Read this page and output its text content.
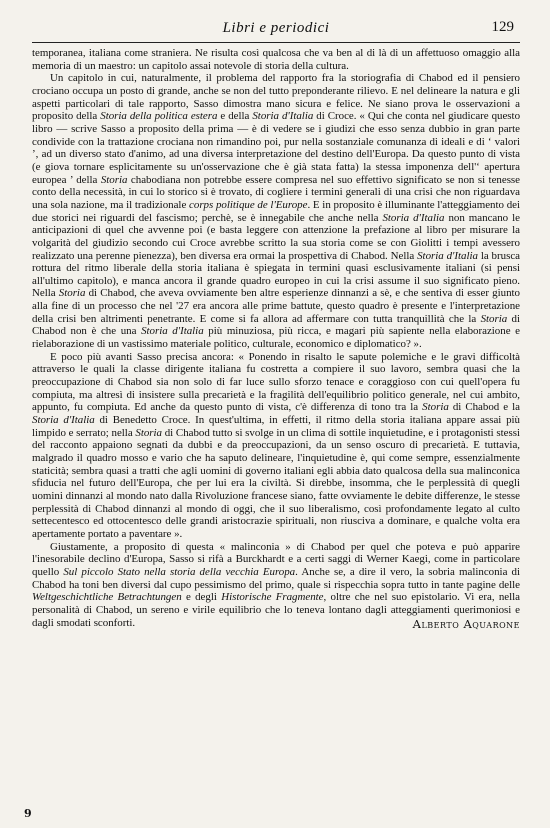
Libri e periodici	129

temporanea, italiana come straniera. Ne risulta così qualcosa che va ben al di là di un affettuoso omaggio alla memoria di un maestro: un capitolo assai notevole di storia della cultura.

Un capitolo in cui, naturalmente, il problema del rapporto fra la storiografia di Chabod ed il pensiero crociano occupa un posto di grande, anche se non del tutto preponderante rilievo. E nel delineare la natura e gli aspetti particolari di tale rapporto, Sasso dimostra mano sicura e felice. Ne siano prova le osservazioni a proposito della Storia della politica estera e della Storia d'Italia di Croce. « Qui che conta nel giudicare questo libro — scrive Sasso a proposito della prima — è di vedere se i giudizi che esso senza dubbio in gran parte condivide con la trattazione crociana non rimandino poi, pur nella sostanziale comunanza di ideali e di ‘ valori ’, ad un diverso stato d'animo, ad una diversa interpretazione del destino dell'Europa. Da questo punto di vista (e giova tornare esplicitamente su un'osservazione che è già stata fatta) la stessa imponenza dell'‘ apertura europea ’ della Storia chabodiana non potrebbe essere compresa nel suo effettivo significato se non si tenesse conto della necessità, in cui lo storico si è trovato, di cogliere i termini generali di una crisi che non riguardava una sola nazione, ma il tradizionale corps politique de l'Europe. E in proposito è illuminante l'atteggiamento dei due storici nei riguardi del fascismo; perchè, se è innegabile che anche nella Storia d'Italia non mancano le anticipazioni di quel che avvenne poi (e basta leggere con attenzione la prefazione al libro per misurare la volgarità del giudizio secondo cui Croce avrebbe scritto la sua storia come se con Giolitti i tempi avessero realizzato una perenne pienezza), ben diversa era ormai la prospettiva di Chabod. Nella Storia d'Italia la brusca rottura del ritmo liberale della storia italiana è spiegata in termini quasi esclusivamente italiani (si pensi all'ultimo capitolo), e manca ancora il grande quadro europeo in cui la crisi assume il suo significato pieno. Nella Storia di Chabod, che aveva ovviamente ben altre esperienze dinnanzi a sè, e che sentiva di esser giunto alla fine di un processo che nel '27 era ancora alle prime battute, questo quadro è presente e l'interpretazione della crisi ben altrimenti penetrante. E come si fa allora ad affermare con tutta tranquillità che la Storia di Chabod non è che una Storia d'Italia più minuziosa, più ricca, e magari più sapiente nella elaborazione e rielaborazione di un vastissimo materiale politico, culturale, economico e diplomatico? ».

E poco più avanti Sasso precisa ancora: « Ponendo in risalto le sapute polemiche e le gravi difficoltà attraverso le quali la classe dirigente italiana fu costretta a compiere il suo lavoro, sembra quasi che la preoccupazione di Chabod sia non solo di far luce sullo sforzo tenace e coraggioso con cui quell'opera fu compiuta, ma altresì di insistere sulla precarietà e la fragilità dell'equilibrio politico generale, nel cui ambito, appunto, fu compiuta. Ed anche da questo punto di vista, c'è differenza di tono tra la Storia di Chabod e la Storia d'Italia di Benedetto Croce. In quest'ultima, in effetti, il ritmo della storia italiana appare assai più limpido e serrato; nella Storia di Chabod tutto si svolge in un clima di sottile inquietudine, e i protagonisti stessi del racconto appaiono segnati da dubbi e da preoccupazioni, da un senso oscuro di precarietà. E tuttavia, malgrado il quadro mosso e vario che ha saputo delineare, l'inquietudine è, qui come sempre, essenzialmente staticità; sembra quasi a tratti che agli uomini di governo italiani egli abbia dato qualcosa della sua malinconica sfiducia nel futuro dell'Europa, che per lui era la civiltà. Si direbbe, insomma, che le perplessità di quegli uomini dinnanzi al mondo nato dalla Rivoluzione francese siano, fatte ovviamente le debite differenze, le stesse perplessità di Chabod dinnanzi al mondo di oggi, che il suo liberalismo, così profondamente legato al culto settecentesco ed ottocentesco delle grandi aristocrazie spirituali, non riusciva a dominare, e qualche volta era apertamente portato a paventare ».

Giustamente, a proposito di questa « malinconia » di Chabod per quel che poteva e può apparire l'inesorabile declino d'Europa, Sasso si rifà a Burckhardt e a certi saggi di Werner Kaegi, come in particolare quello Sul piccolo Stato nella storia della vecchia Europa. Anche se, a dire il vero, la sobria malinconia di Chabod ha toni ben diversi dal cupo pessimismo del primo, quale si rispecchia sopra tutto in tante pagine delle Weltgeschichtliche Betrachtungen e degli Historische Fragmente, oltre che nel suo epistolario. Vi era, nella personalità di Chabod, un sereno e virile equilibrio che lo teneva lontano dagli atteggiamenti querimoniosi e dagli smodati sconforti.	Alberto Aquarone
9
